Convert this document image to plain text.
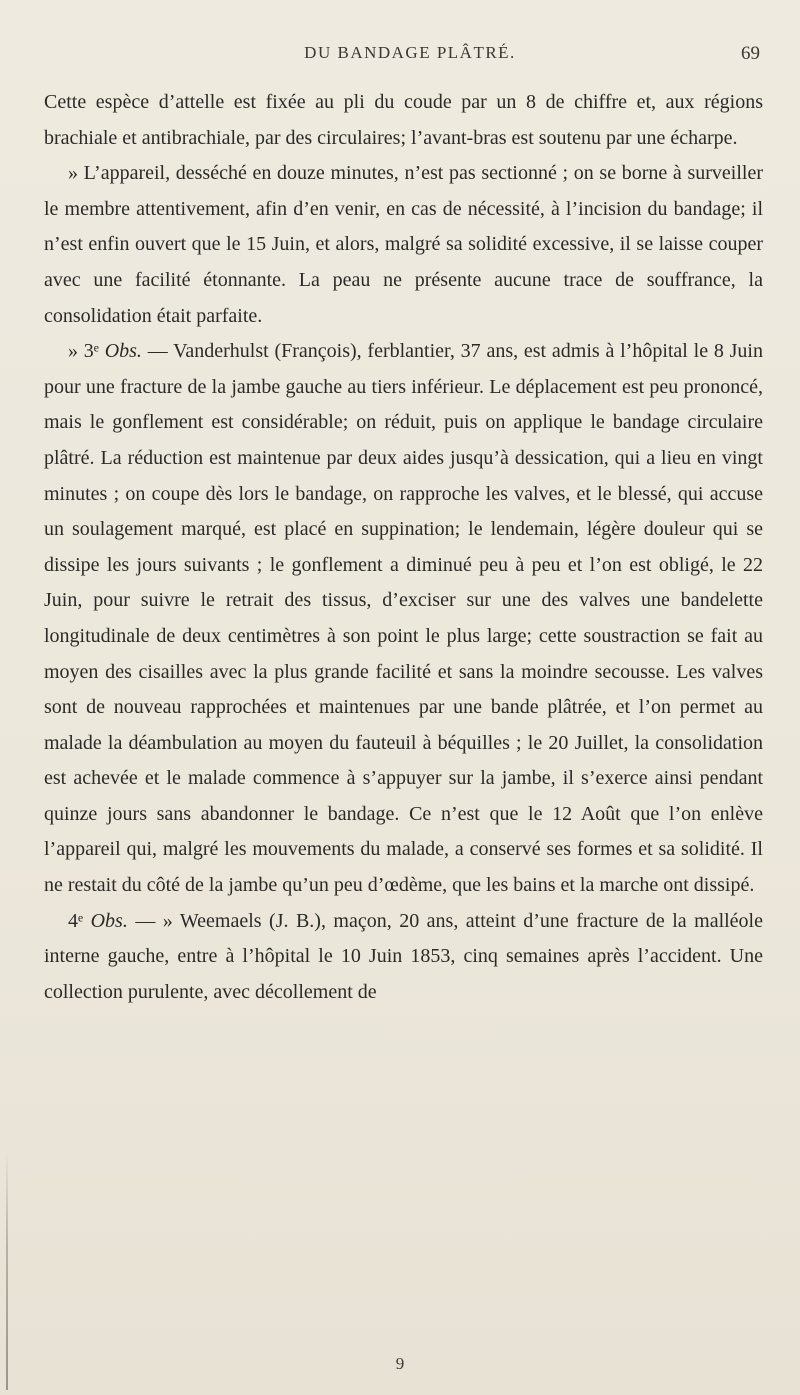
DU BANDAGE PLÂTRÉ.	69

Cette espèce d’attelle est fixée au pli du coude par un 8 de chiffre et, aux régions brachiale et antibrachiale, par des circulaires; l’avant-bras est soutenu par une écharpe.

» L’appareil, desséché en douze minutes, n’est pas sectionné ; on se borne à surveiller le membre attentivement, afin d’en venir, en cas de nécessité, à l’incision du bandage; il n’est enfin ouvert que le 15 Juin, et alors, malgré sa solidité excessive, il se laisse couper avec une facilité étonnante. La peau ne présente aucune trace de souffrance, la consolidation était parfaite.

» 3ᵉ Obs. — Vanderhulst (François), ferblantier, 37 ans, est admis à l’hôpital le 8 Juin pour une fracture de la jambe gauche au tiers inférieur. Le déplacement est peu prononcé, mais le gonflement est considérable; on réduit, puis on applique le bandage circulaire plâtré. La réduction est maintenue par deux aides jusqu’à dessication, qui a lieu en vingt minutes ; on coupe dès lors le bandage, on rapproche les valves, et le blessé, qui accuse un soulagement marqué, est placé en suppination; le lendemain, légère douleur qui se dissipe les jours suivants ; le gonflement a diminué peu à peu et l’on est obligé, le 22 Juin, pour suivre le retrait des tissus, d’exciser sur une des valves une bandelette longitudinale de deux centimètres à son point le plus large; cette soustraction se fait au moyen des cisailles avec la plus grande facilité et sans la moindre secousse. Les valves sont de nouveau rapprochées et maintenues par une bande plâtrée, et l’on permet au malade la déambulation au moyen du fauteuil à béquilles ; le 20 Juillet, la consolidation est achevée et le malade commence à s’appuyer sur la jambe, il s’exerce ainsi pendant quinze jours sans abandonner le bandage. Ce n’est que le 12 Août que l’on enlève l’appareil qui, malgré les mouvements du malade, a conservé ses formes et sa solidité. Il ne restait du côté de la jambe qu’un peu d’œdème, que les bains et la marche ont dissipé.

4ᵉ Obs. — » Weemaels (J. B.), maçon, 20 ans, atteint d’une fracture de la malléole interne gauche, entre à l’hôpital le 10 Juin 1853, cinq semaines après l’accident. Une collection purulente, avec décollement de

9
